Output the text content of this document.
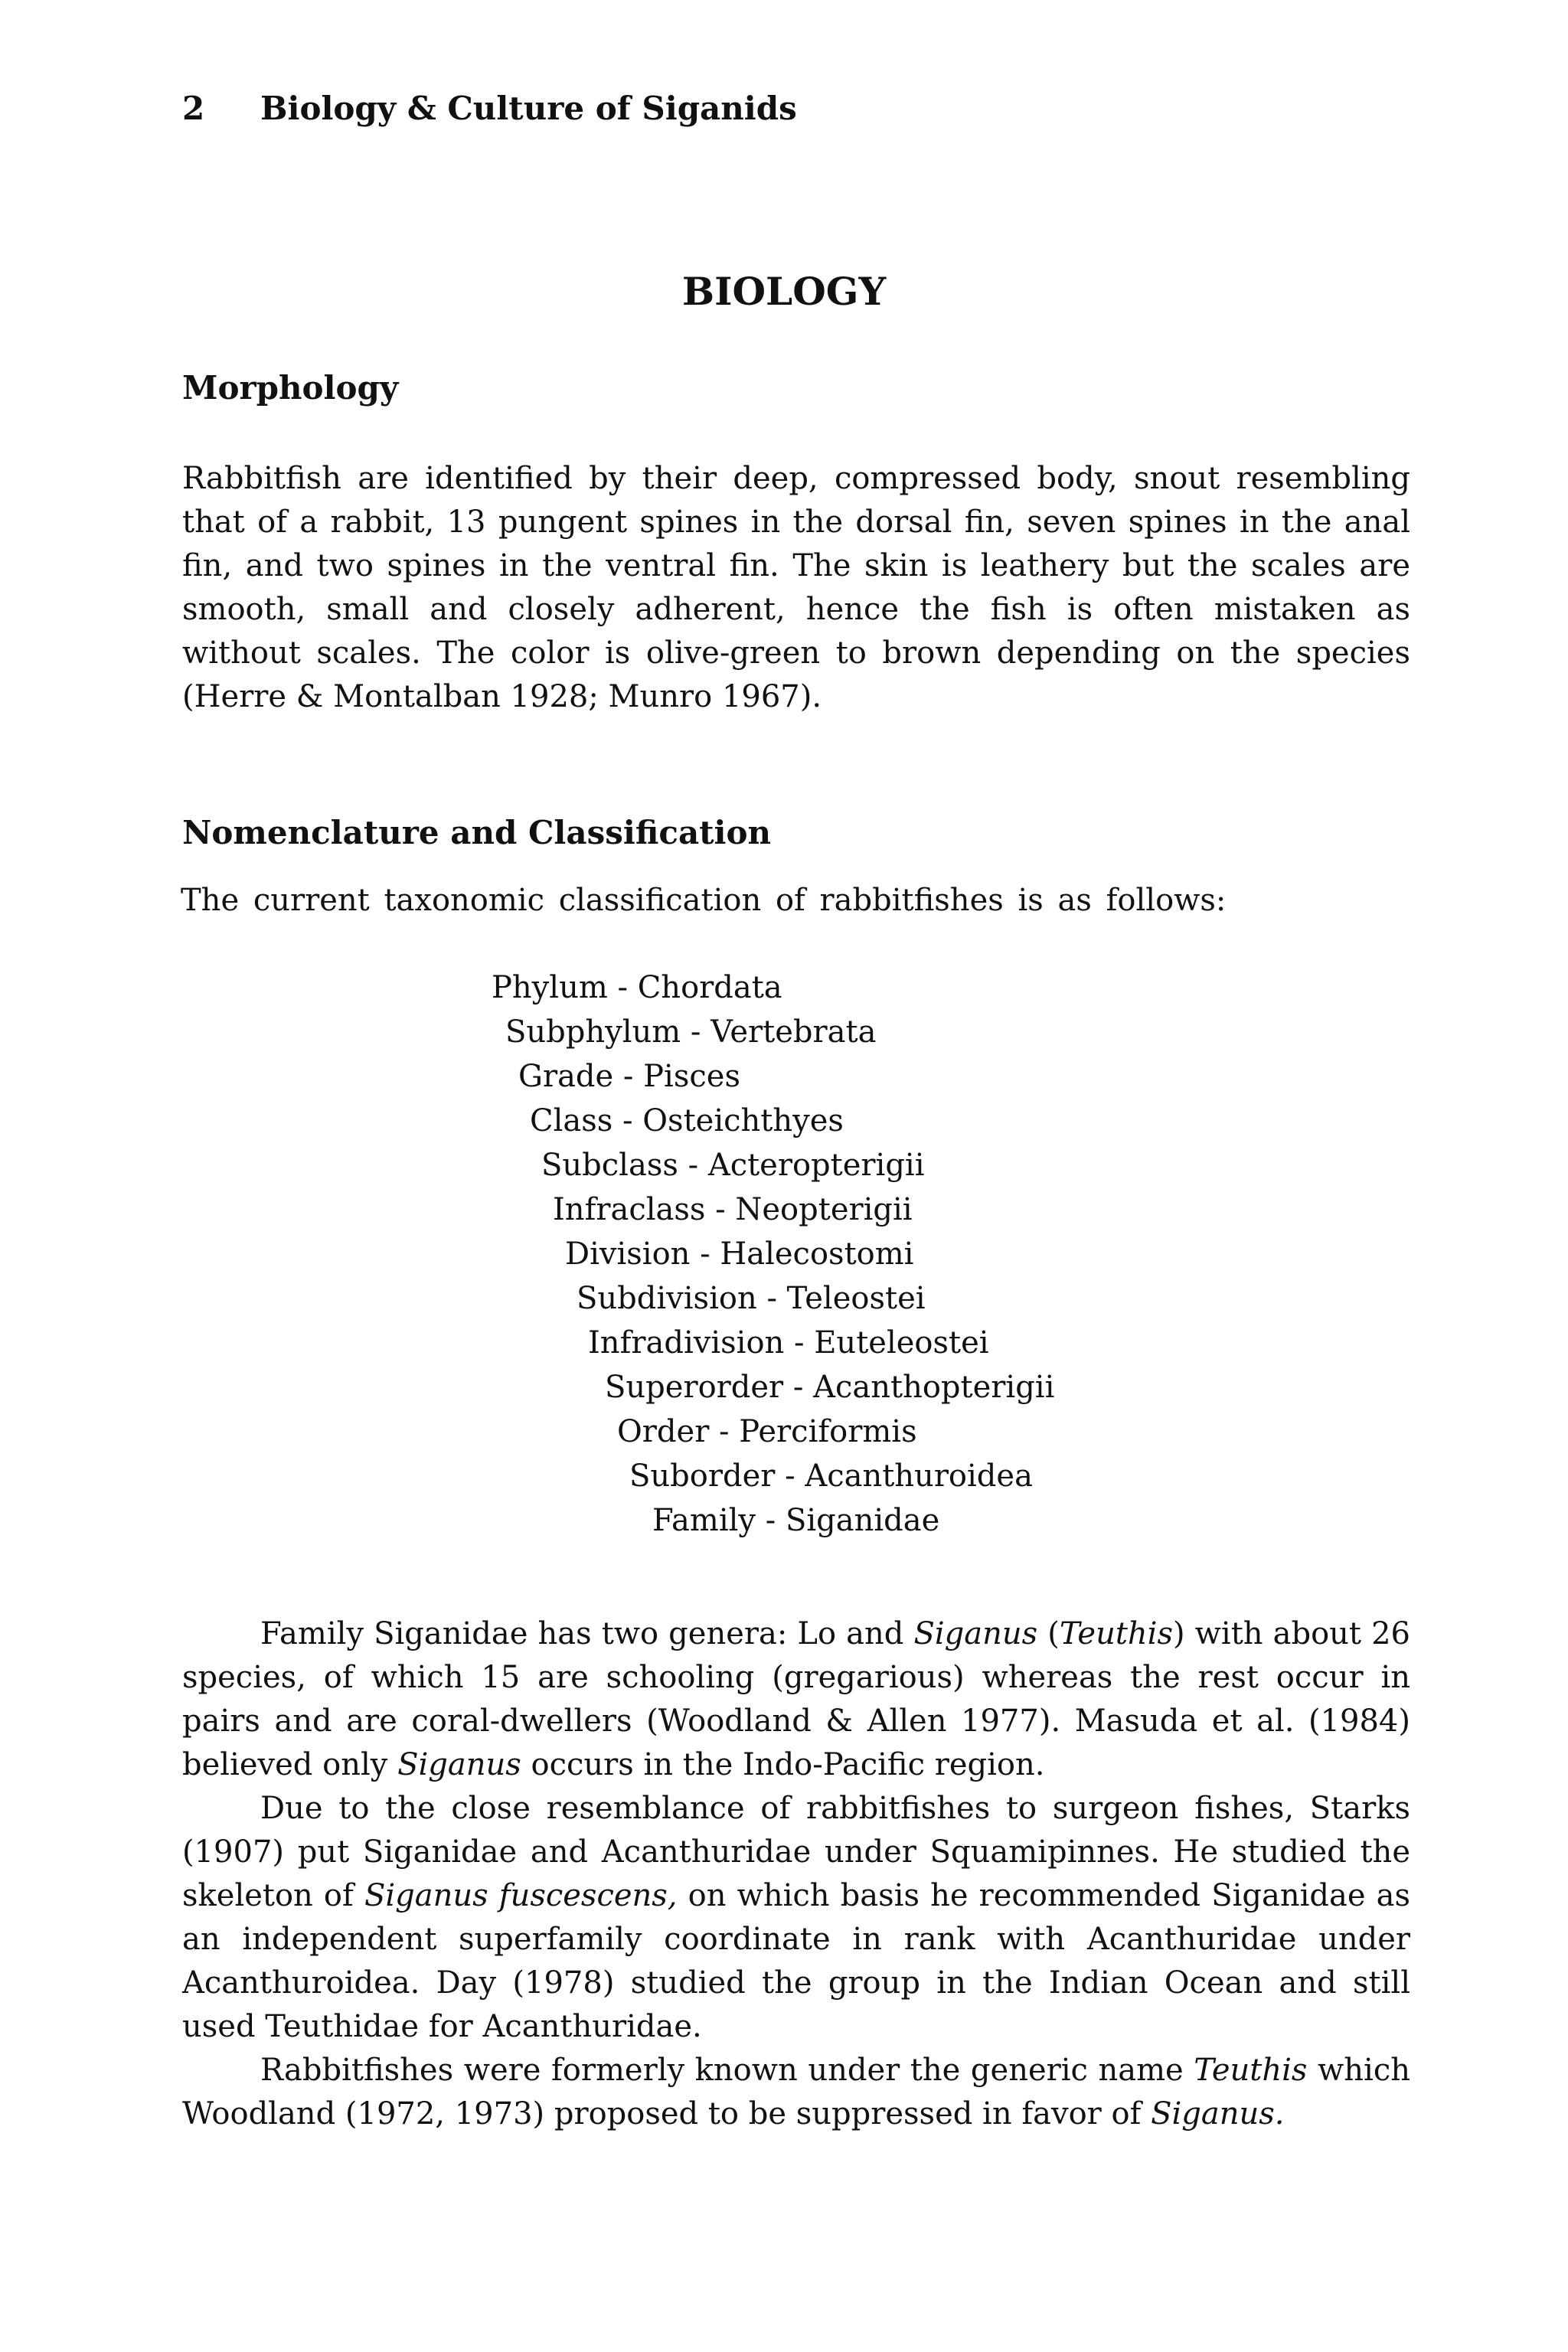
2 Biology & Culture of Siganids
BIOLOGY
Morphology

Rabbitfish are identified by their deep, compressed body, snout resembling that of a rabbit, 13 pungent spines in the dorsal fin, seven spines in the anal fin, and two spines in the ventral fin. The skin is leathery but the scales are smooth, small and closely adherent, hence the fish is often mistaken as without scales. The color is olive-green to brown depending on the species (Herre & Montalban 1928; Munro 1967).

Nomenclature and Classification
The current taxonomic classification of rabbitfishes is as follows:
Phylum - Chordata
Subphylum - Vertebrata
Grade - Pisces
Class - Osteichthyes
Subclass - Acteropterigii
Infraclass - Neopterigii
Division - Halecostomi
Subdivision - Teleostei
Infradivision - Euteleostei
Superorder - Acanthopterigii
Order - Perciformis
Suborder - Acanthuroidea
Family - Siganidae

Family Siganidae has two genera: Lo and Siganus (Teuthis) with about 26 species, of which 15 are schooling (gregarious) whereas the rest occur in pairs and are coral-dwellers (Woodland & Allen 1977). Masuda et al. (1984) believed only Siganus occurs in the Indo-Pacific region.

Due to the close resemblance of rabbitfishes to surgeon fishes, Starks (1907) put Siganidae and Acanthuridae under Squamipinnes. He studied the skeleton of Siganus fuscescens, on which basis he recommended Siganidae as an independent superfamily coordinate in rank with Acanthuridae under Acanthuroidea. Day (1978) studied the group in the Indian Ocean and still used Teuthidae for Acanthuridae.

Rabbitfishes were formerly known under the generic name Teuthis which Woodland (1972, 1973) proposed to be suppressed in favor of Siganus.
